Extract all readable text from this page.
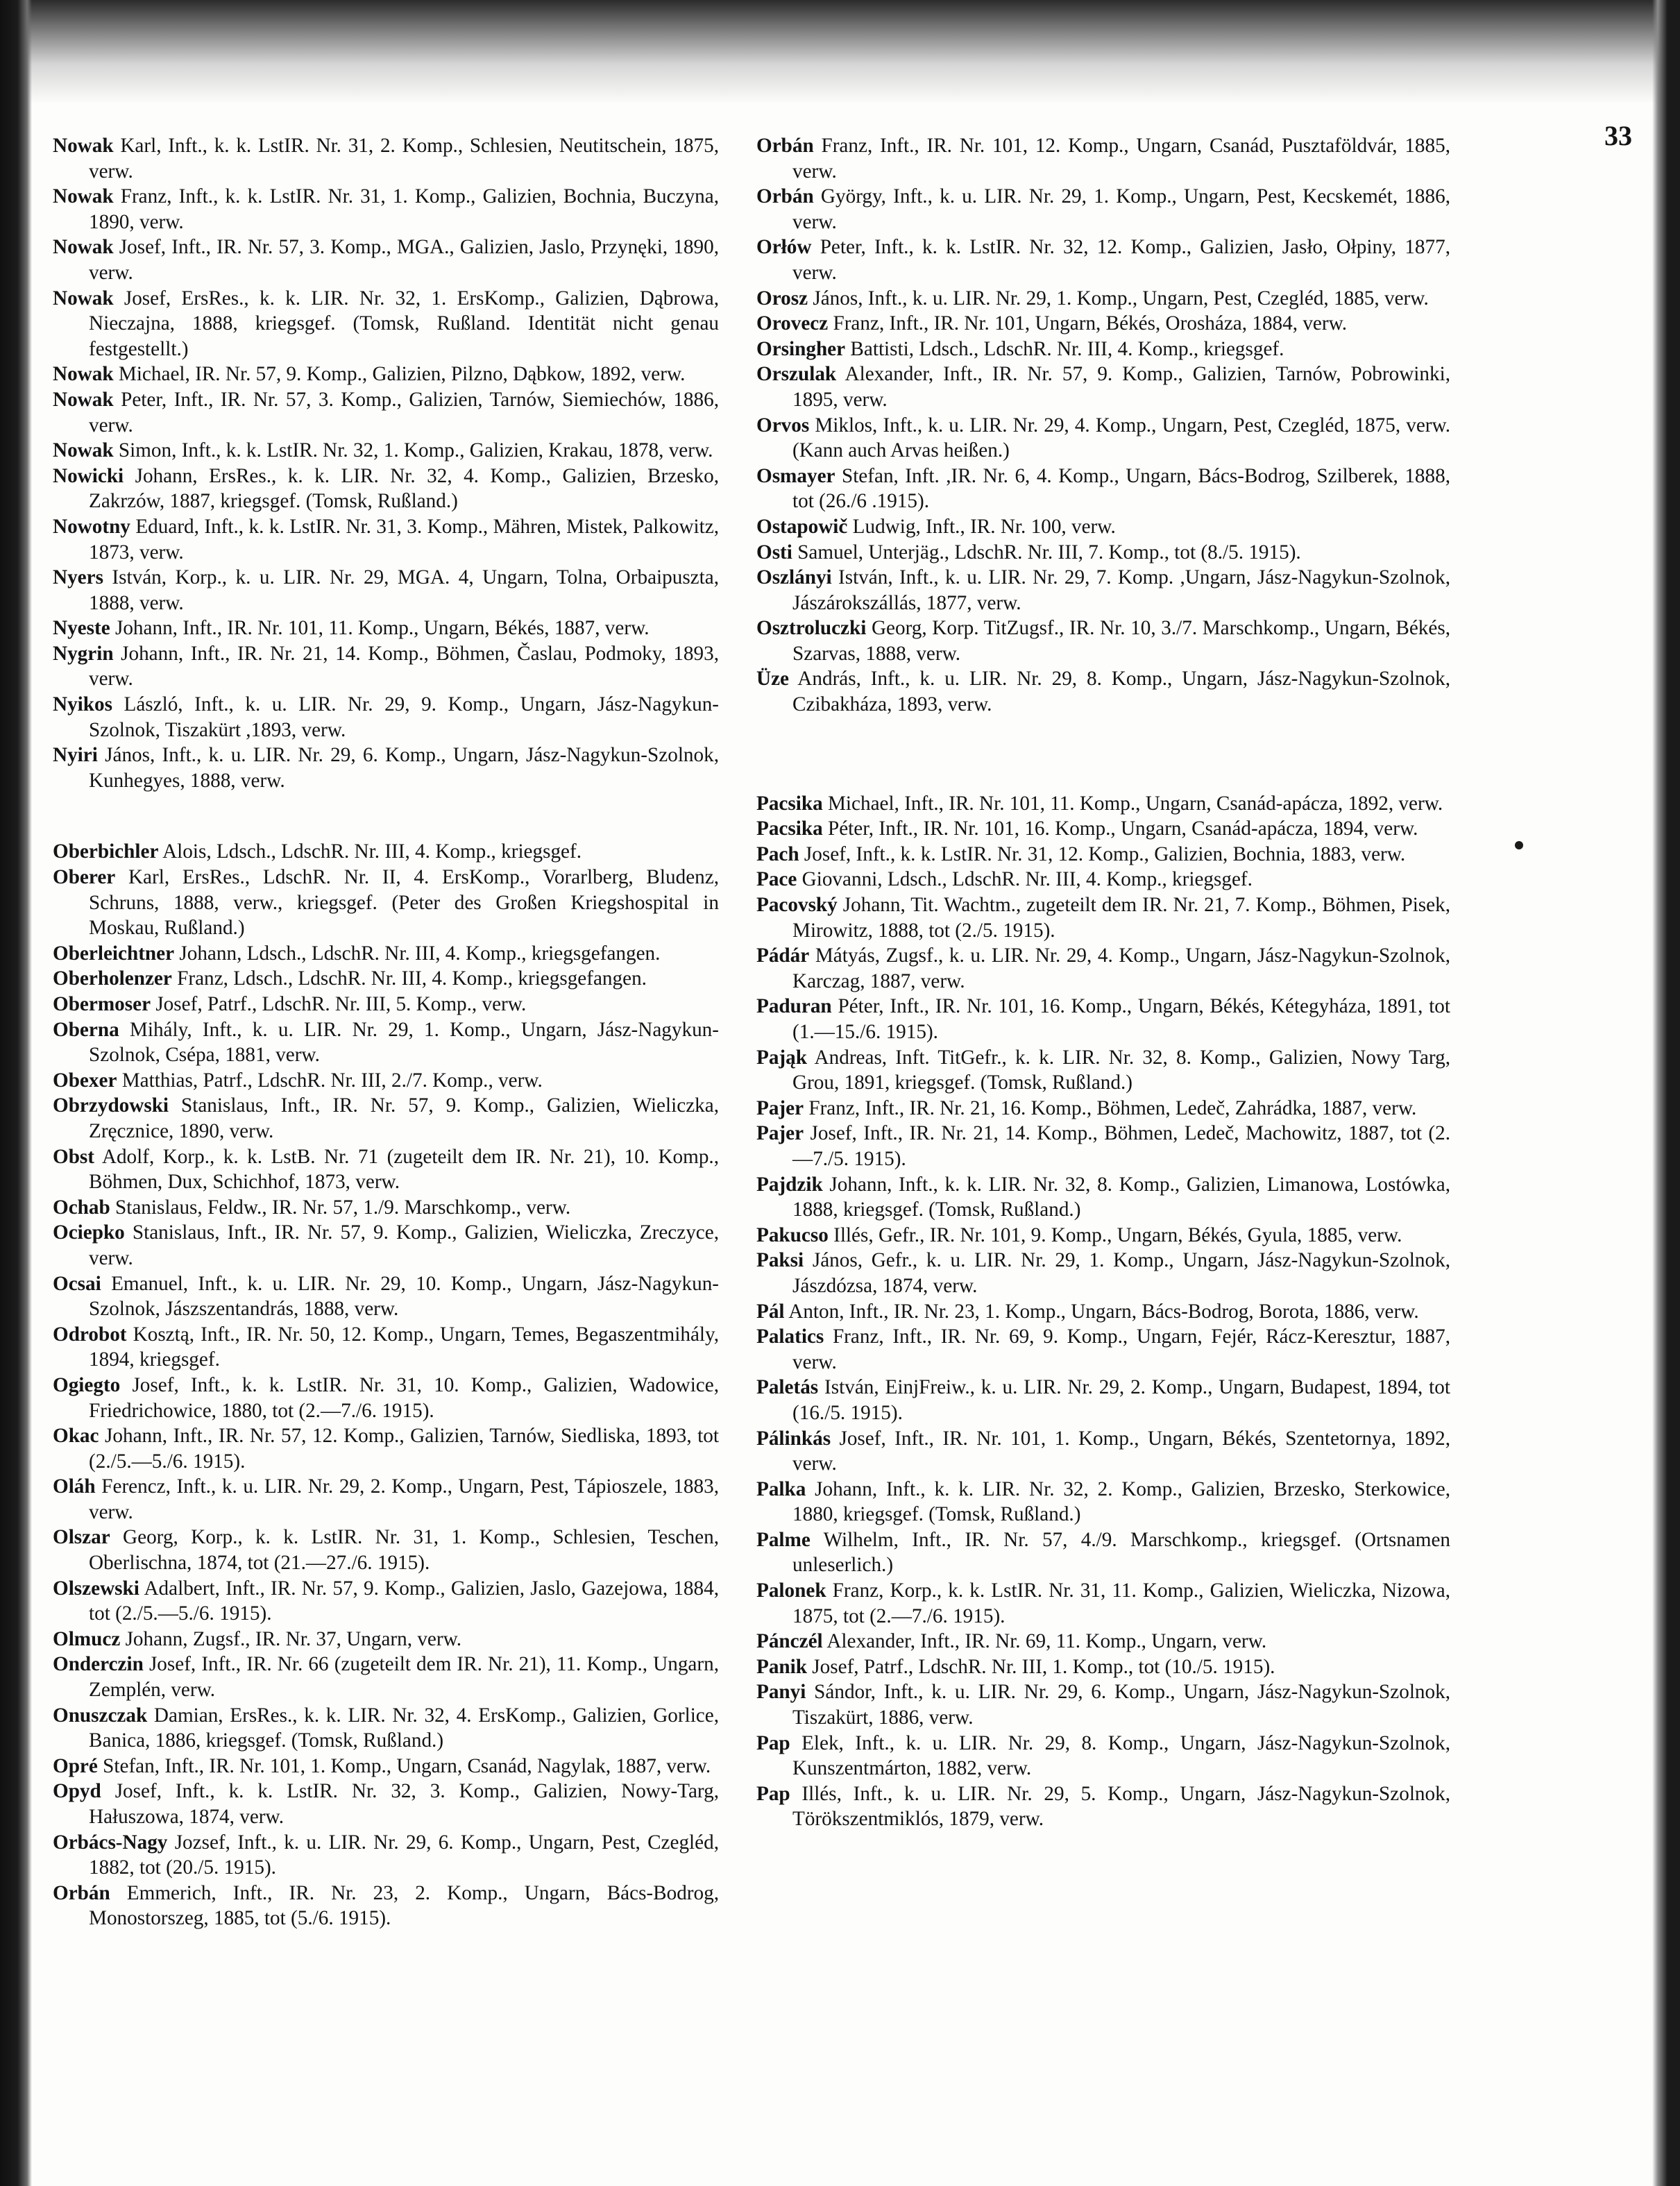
33

Nowak Karl, Inft., k. k. LstIR. Nr. 31, 2. Komp., Schlesien, Neutitschein, 1875, verw.

Nowak Franz, Inft., k. k. LstIR. Nr. 31, 1. Komp., Galizien, Bochnia, Buczyna, 1890, verw.

Nowak Josef, Inft., IR. Nr. 57, 3. Komp., MGA., Galizien, Jaslo, Przynęki, 1890, verw.

Nowak Josef, ErsRes., k. k. LIR. Nr. 32, 1. ErsKomp., Galizien, Dąbrowa, Nieczajna, 1888, kriegsgef. (Tomsk, Rußland. Identität nicht genau festgestellt.)

Nowak Michael, IR. Nr. 57, 9. Komp., Galizien, Pilzno, Dąbkow, 1892, verw.

Nowak Peter, Inft., IR. Nr. 57, 3. Komp., Galizien, Tarnów, Siemiechów, 1886, verw.

Nowak Simon, Inft., k. k. LstIR. Nr. 32, 1. Komp., Galizien, Krakau, 1878, verw.

Nowicki Johann, ErsRes., k. k. LIR. Nr. 32, 4. Komp., Galizien, Brzesko, Zakrzów, 1887, kriegsgef. (Tomsk, Rußland.)

Nowotny Eduard, Inft., k. k. LstIR. Nr. 31, 3. Komp., Mähren, Mistek, Palkowitz, 1873, verw.

Nyers István, Korp., k. u. LIR. Nr. 29, MGA. 4, Ungarn, Tolna, Orbaipuszta, 1888, verw.

Nyeste Johann, Inft., IR. Nr. 101, 11. Komp., Ungarn, Békés, 1887, verw.

Nygrin Johann, Inft., IR. Nr. 21, 14. Komp., Böhmen, Časlau, Podmoky, 1893, verw.

Nyikos László, Inft., k. u. LIR. Nr. 29, 9. Komp., Ungarn, Jász-Nagykun-Szolnok, Tiszakürt ,1893, verw.

Nyiri János, Inft., k. u. LIR. Nr. 29, 6. Komp., Ungarn, Jász-Nagykun-Szolnok, Kunhegyes, 1888, verw.

Oberbichler Alois, Ldsch., LdschR. Nr. III, 4. Komp., kriegsgef.

Oberer Karl, ErsRes., LdschR. Nr. II, 4. ErsKomp., Vorarlberg, Bludenz, Schruns, 1888, verw., kriegsgef. (Peter des Großen Kriegshospital in Moskau, Rußland.)

Oberleichtner Johann, Ldsch., LdschR. Nr. III, 4. Komp., kriegsgefangen.

Oberholenzer Franz, Ldsch., LdschR. Nr. III, 4. Komp., kriegsgefangen.

Obermoser Josef, Patrf., LdschR. Nr. III, 5. Komp., verw.

Oberna Mihály, Inft., k. u. LIR. Nr. 29, 1. Komp., Ungarn, Jász-Nagykun-Szolnok, Csépa, 1881, verw.

Obexer Matthias, Patrf., LdschR. Nr. III, 2./7. Komp., verw.

Obrzydowski Stanislaus, Inft., IR. Nr. 57, 9. Komp., Galizien, Wieliczka, Zręcznice, 1890, verw.

Obst Adolf, Korp., k. k. LstB. Nr. 71 (zugeteilt dem IR. Nr. 21), 10. Komp., Böhmen, Dux, Schichhof, 1873, verw.

Ochab Stanislaus, Feldw., IR. Nr. 57, 1./9. Marschkomp., verw.

Ociepko Stanislaus, Inft., IR. Nr. 57, 9. Komp., Galizien, Wieliczka, Zreczyce, verw.

Ocsai Emanuel, Inft., k. u. LIR. Nr. 29, 10. Komp., Ungarn, Jász-Nagykun-Szolnok, Jászszentandrás, 1888, verw.

Odrobot Kosztą, Inft., IR. Nr. 50, 12. Komp., Ungarn, Temes, Begaszentmihály, 1894, kriegsgef.

Ogiegto Josef, Inft., k. k. LstIR. Nr. 31, 10. Komp., Galizien, Wadowice, Friedrichowice, 1880, tot (2.—7./6. 1915).

Okac Johann, Inft., IR. Nr. 57, 12. Komp., Galizien, Tarnów, Siedliska, 1893, tot (2./5.—5./6. 1915).

Oláh Ferencz, Inft., k. u. LIR. Nr. 29, 2. Komp., Ungarn, Pest, Tápioszele, 1883, verw.

Olszar Georg, Korp., k. k. LstIR. Nr. 31, 1. Komp., Schlesien, Teschen, Oberlischna, 1874, tot (21.—27./6. 1915).

Olszewski Adalbert, Inft., IR. Nr. 57, 9. Komp., Galizien, Jaslo, Gazejowa, 1884, tot (2./5.—5./6. 1915).

Olmucz Johann, Zugsf., IR. Nr. 37, Ungarn, verw.

Onderczin Josef, Inft., IR. Nr. 66 (zugeteilt dem IR. Nr. 21), 11. Komp., Ungarn, Zemplén, verw.

Onuszczak Damian, ErsRes., k. k. LIR. Nr. 32, 4. ErsKomp., Galizien, Gorlice, Banica, 1886, kriegsgef. (Tomsk, Rußland.)

Opré Stefan, Inft., IR. Nr. 101, 1. Komp., Ungarn, Csanád, Nagylak, 1887, verw.

Opyd Josef, Inft., k. k. LstIR. Nr. 32, 3. Komp., Galizien, Nowy-Targ, Hałuszowa, 1874, verw.

Orbács-Nagy Jozsef, Inft., k. u. LIR. Nr. 29, 6. Komp., Ungarn, Pest, Czegléd, 1882, tot (20./5. 1915).

Orbán Emmerich, Inft., IR. Nr. 23, 2. Komp., Ungarn, Bács-Bodrog, Monostorszeg, 1885, tot (5./6. 1915).

Orbán Franz, Inft., IR. Nr. 101, 12. Komp., Ungarn, Csanád, Pusztaföldvár, 1885, verw.

Orbán György, Inft., k. u. LIR. Nr. 29, 1. Komp., Ungarn, Pest, Kecskemét, 1886, verw.

Orłów Peter, Inft., k. k. LstIR. Nr. 32, 12. Komp., Galizien, Jasło, Ołpiny, 1877, verw.

Orosz János, Inft., k. u. LIR. Nr. 29, 1. Komp., Ungarn, Pest, Czegléd, 1885, verw.

Orovecz Franz, Inft., IR. Nr. 101, Ungarn, Békés, Orosháza, 1884, verw.

Orsingher Battisti, Ldsch., LdschR. Nr. III, 4. Komp., kriegsgef.

Orszulak Alexander, Inft., IR. Nr. 57, 9. Komp., Galizien, Tarnów, Pobrowinki, 1895, verw.

Orvos Miklos, Inft., k. u. LIR. Nr. 29, 4. Komp., Ungarn, Pest, Czegléd, 1875, verw. (Kann auch Arvas heißen.)

Osmayer Stefan, Inft. ,IR. Nr. 6, 4. Komp., Ungarn, Bács-Bodrog, Szilberek, 1888, tot (26./6 .1915).

Ostapowič Ludwig, Inft., IR. Nr. 100, verw.

Osti Samuel, Unterjäg., LdschR. Nr. III, 7. Komp., tot (8./5. 1915).

Oszlányi István, Inft., k. u. LIR. Nr. 29, 7. Komp. ,Ungarn, Jász-Nagykun-Szolnok, Jászárokszállás, 1877, verw.

Osztroluczki Georg, Korp. TitZugsf., IR. Nr. 10, 3./7. Marschkomp., Ungarn, Békés, Szarvas, 1888, verw.

Üze András, Inft., k. u. LIR. Nr. 29, 8. Komp., Ungarn, Jász-Nagykun-Szolnok, Czibakháza, 1893, verw.

Pacsika Michael, Inft., IR. Nr. 101, 11. Komp., Ungarn, Csanád-apácza, 1892, verw.

Pacsika Péter, Inft., IR. Nr. 101, 16. Komp., Ungarn, Csanád-apácza, 1894, verw.

Pach Josef, Inft., k. k. LstIR. Nr. 31, 12. Komp., Galizien, Bochnia, 1883, verw.

Pace Giovanni, Ldsch., LdschR. Nr. III, 4. Komp., kriegsgef.

Pacovský Johann, Tit. Wachtm., zugeteilt dem IR. Nr. 21, 7. Komp., Böhmen, Pisek, Mirowitz, 1888, tot (2./5. 1915).

Pádár Mátyás, Zugsf., k. u. LIR. Nr. 29, 4. Komp., Ungarn, Jász-Nagykun-Szolnok, Karczag, 1887, verw.

Paduran Péter, Inft., IR. Nr. 101, 16. Komp., Ungarn, Békés, Kétegyháza, 1891, tot (1.—15./6. 1915).

Pająk Andreas, Inft. TitGefr., k. k. LIR. Nr. 32, 8. Komp., Galizien, Nowy Targ, Grou, 1891, kriegsgef. (Tomsk, Rußland.)

Pajer Franz, Inft., IR. Nr. 21, 16. Komp., Böhmen, Ledeč, Zahrádka, 1887, verw.

Pajer Josef, Inft., IR. Nr. 21, 14. Komp., Böhmen, Ledeč, Machowitz, 1887, tot (2.—7./5. 1915).

Pajdzik Johann, Inft., k. k. LIR. Nr. 32, 8. Komp., Galizien, Limanowa, Lostówka, 1888, kriegsgef. (Tomsk, Rußland.)

Pakucso Illés, Gefr., IR. Nr. 101, 9. Komp., Ungarn, Békés, Gyula, 1885, verw.

Paksi János, Gefr., k. u. LIR. Nr. 29, 1. Komp., Ungarn, Jász-Nagykun-Szolnok, Jászdózsa, 1874, verw.

Pál Anton, Inft., IR. Nr. 23, 1. Komp., Ungarn, Bács-Bodrog, Borota, 1886, verw.

Palatics Franz, Inft., IR. Nr. 69, 9. Komp., Ungarn, Fejér, Rácz-Keresztur, 1887, verw.

Paletás István, EinjFreiw., k. u. LIR. Nr. 29, 2. Komp., Ungarn, Budapest, 1894, tot (16./5. 1915).

Pálinkás Josef, Inft., IR. Nr. 101, 1. Komp., Ungarn, Békés, Szentetornya, 1892, verw.

Palka Johann, Inft., k. k. LIR. Nr. 32, 2. Komp., Galizien, Brzesko, Sterkowice, 1880, kriegsgef. (Tomsk, Rußland.)

Palme Wilhelm, Inft., IR. Nr. 57, 4./9. Marschkomp., kriegsgef. (Ortsnamen unleserlich.)

Palonek Franz, Korp., k. k. LstIR. Nr. 31, 11. Komp., Galizien, Wieliczka, Nizowa, 1875, tot (2.—7./6. 1915).

Pánczél Alexander, Inft., IR. Nr. 69, 11. Komp., Ungarn, verw.

Panik Josef, Patrf., LdschR. Nr. III, 1. Komp., tot (10./5. 1915).

Panyi Sándor, Inft., k. u. LIR. Nr. 29, 6. Komp., Ungarn, Jász-Nagykun-Szolnok, Tiszakürt, 1886, verw.

Pap Elek, Inft., k. u. LIR. Nr. 29, 8. Komp., Ungarn, Jász-Nagykun-Szolnok, Kunszentmárton, 1882, verw.

Pap Illés, Inft., k. u. LIR. Nr. 29, 5. Komp., Ungarn, Jász-Nagykun-Szolnok, Törökszentmiklós, 1879, verw.
